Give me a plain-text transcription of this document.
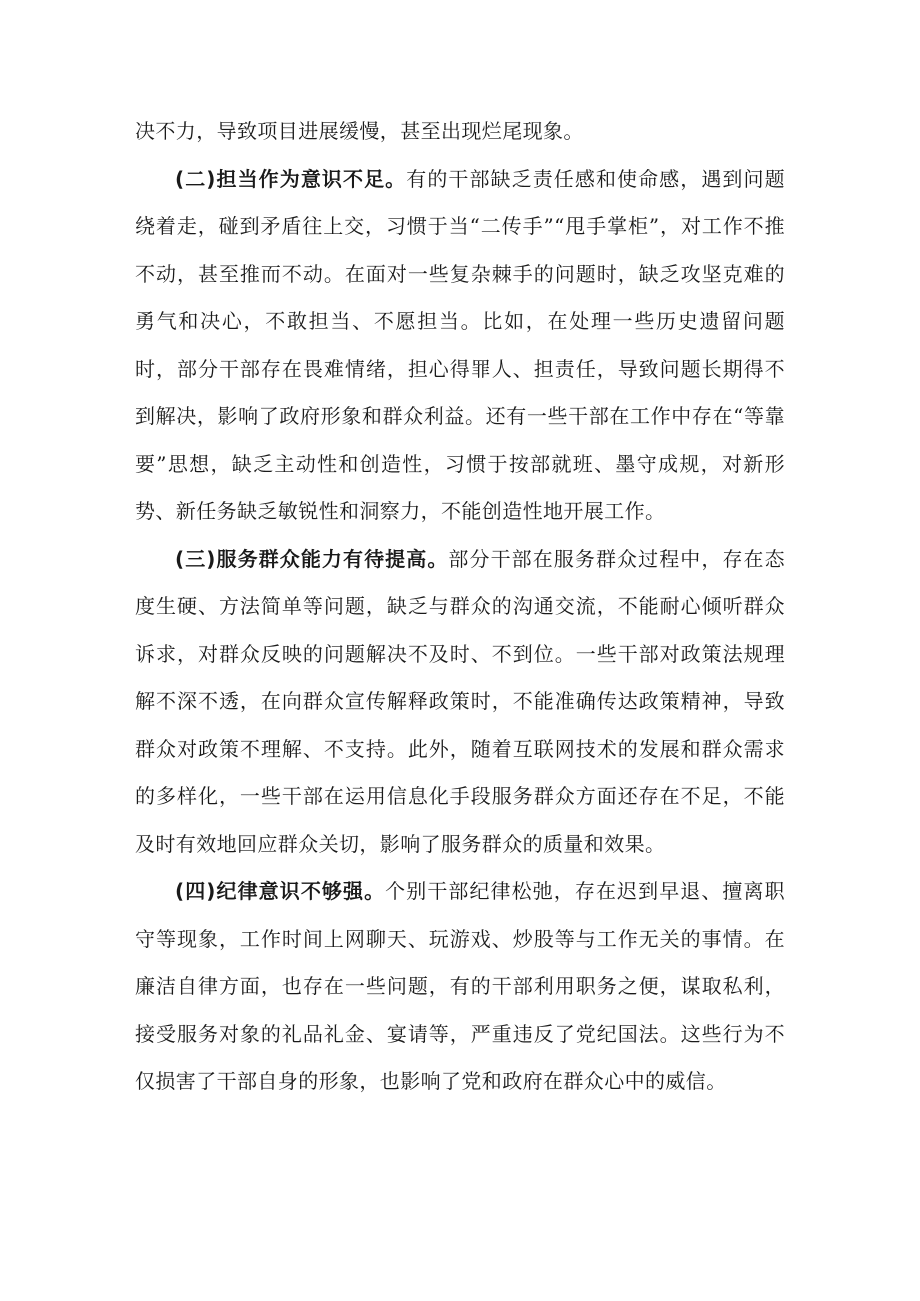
决不力，导致项目进展缓慢，甚至出现烂尾现象。

(二)担当作为意识不足。有的干部缺乏责任感和使命感，遇到问题绕着走，碰到矛盾往上交，习惯于当“二传手”“甩手掌柜”，对工作不推不动，甚至推而不动。在面对一些复杂棘手的问题时，缺乏攻坚克难的勇气和决心，不敢担当、不愿担当。比如，在处理一些历史遗留问题时，部分干部存在畏难情绪，担心得罪人、担责任，导致问题长期得不到解决，影响了政府形象和群众利益。还有一些干部在工作中存在“等靠要”思想，缺乏主动性和创造性，习惯于按部就班、墨守成规，对新形势、新任务缺乏敏锐性和洞察力，不能创造性地开展工作。

(三)服务群众能力有待提高。部分干部在服务群众过程中，存在态度生硬、方法简单等问题，缺乏与群众的沟通交流，不能耐心倾听群众诉求，对群众反映的问题解决不及时、不到位。一些干部对政策法规理解不深不透，在向群众宣传解释政策时，不能准确传达政策精神，导致群众对政策不理解、不支持。此外，随着互联网技术的发展和群众需求的多样化，一些干部在运用信息化手段服务群众方面还存在不足，不能及时有效地回应群众关切，影响了服务群众的质量和效果。

(四)纪律意识不够强。个别干部纪律松弛，存在迟到早退、擅离职守等现象，工作时间上网聊天、玩游戏、炒股等与工作无关的事情。在廉洁自律方面，也存在一些问题，有的干部利用职务之便，谋取私利，接受服务对象的礼品礼金、宴请等，严重违反了党纪国法。这些行为不仅损害了干部自身的形象，也影响了党和政府在群众心中的威信。
